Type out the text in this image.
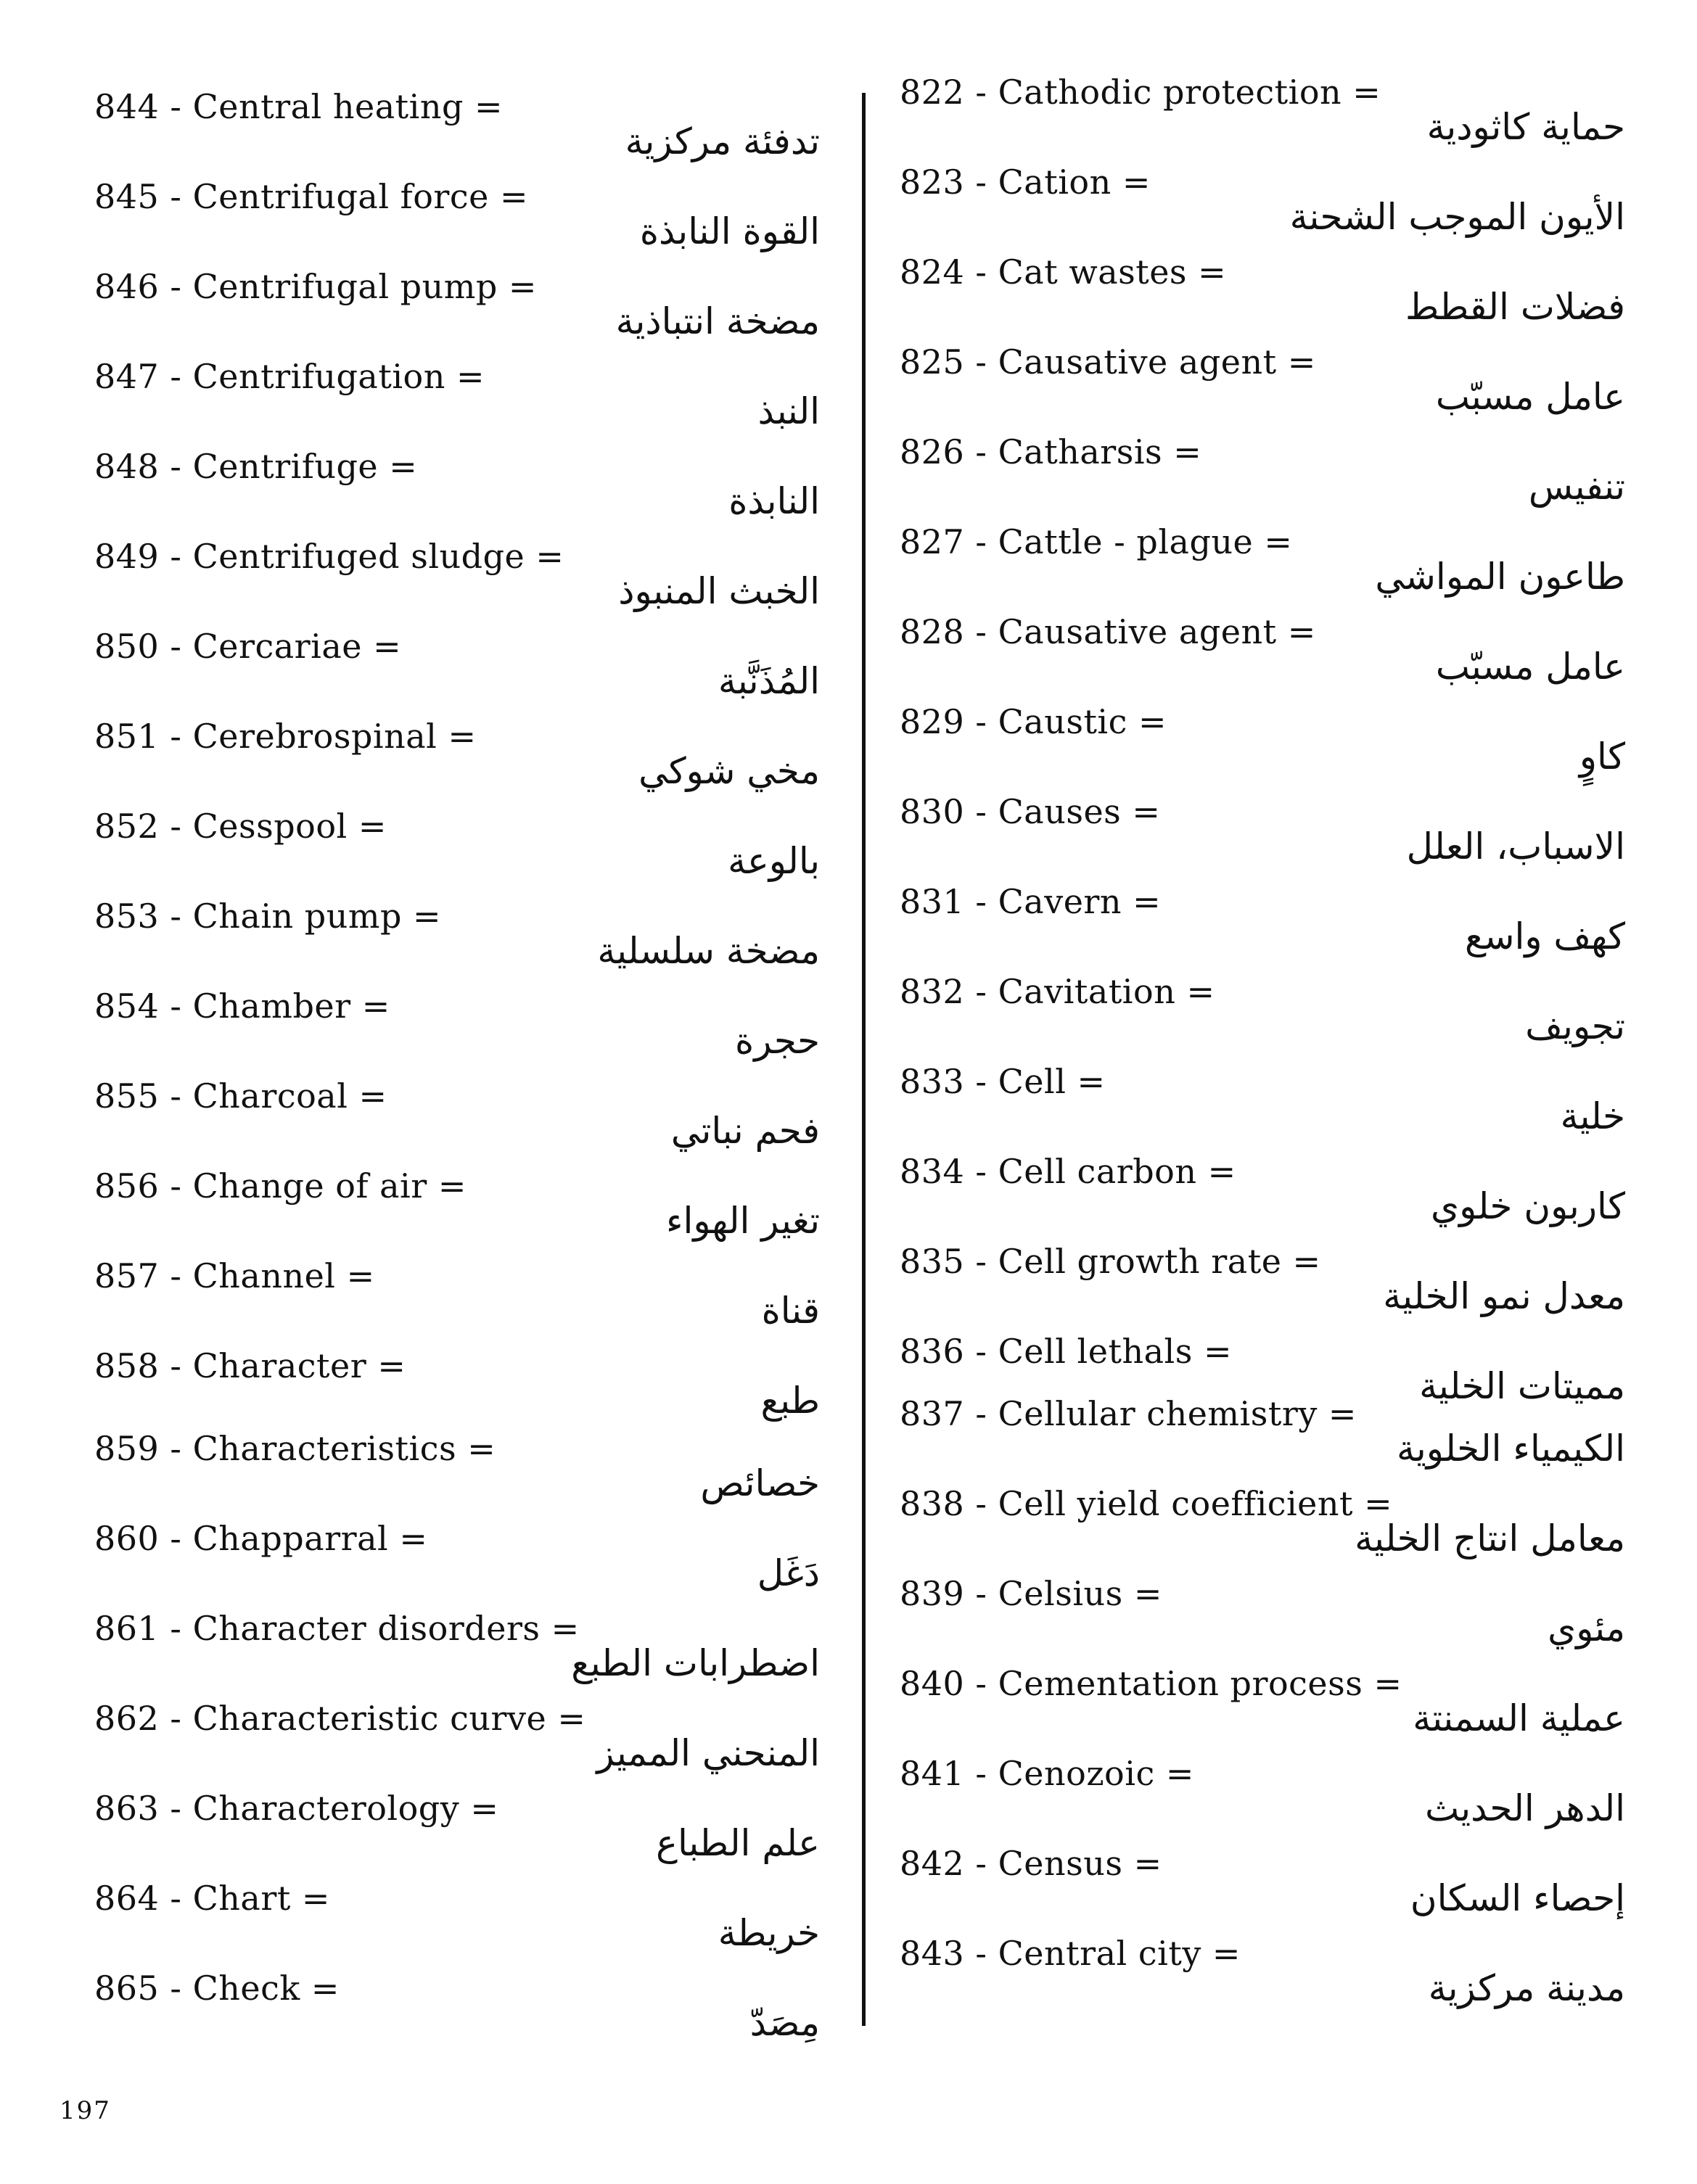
844 - Central heating =
تدفئة مركزية
845 - Centrifugal force =
القوة النابذة
846 - Centrifugal pump =
مضخة انتباذية
847 - Centrifugation =
النبذ
848 - Centrifuge =
النابذة
849 - Centrifuged sludge =
الخبث المنبوذ
850 - Cercariae =
المُذَنَّبة
851 - Cerebrospinal =
مخي شوكي
852 - Cesspool =
بالوعة
853 - Chain pump =
مضخة سلسلية
854 - Chamber =
حجرة
855 - Charcoal =
فحم نباتي
856 - Change of air =
تغير الهواء
857 - Channel =
قناة
858 - Character =
طبع
859 - Characteristics =
خصائص
860 - Chapparral =
دَغَل
861 - Character disorders =
اضطرابات الطبع
862 - Characteristic curve =
المنحني المميز
863 - Characterology =
علم الطباع
864 - Chart =
خريطة
865 - Check =
مِصَدّ
822 - Cathodic protection =
حماية كاثودية
823 - Cation =
الأيون الموجب الشحنة
824 - Cat wastes =
فضلات القطط
825 - Causative agent =
عامل مسبّب
826 - Catharsis =
تنفيس
827 - Cattle - plague =
طاعون المواشي
828 - Causative agent =
عامل مسبّب
829 - Caustic =
كاوٍ
830 - Causes =
الاسباب، العلل
831 - Cavern =
كهف واسع
832 - Cavitation =
تجويف
833 - Cell =
خلية
834 - Cell carbon =
كاربون خلوي
835 - Cell growth rate =
معدل نمو الخلية
836 - Cell lethals =
مميتات الخلية
837 - Cellular chemistry =
الكيمياء الخلوية
838 - Cell yield coefficient =
معامل انتاج الخلية
839 - Celsius =
مئوي
840 - Cementation process =
عملية السمنتة
841 - Cenozoic =
الدهر الحديث
842 - Census =
إحصاء السكان
843 - Central city =
مدينة مركزية
197
